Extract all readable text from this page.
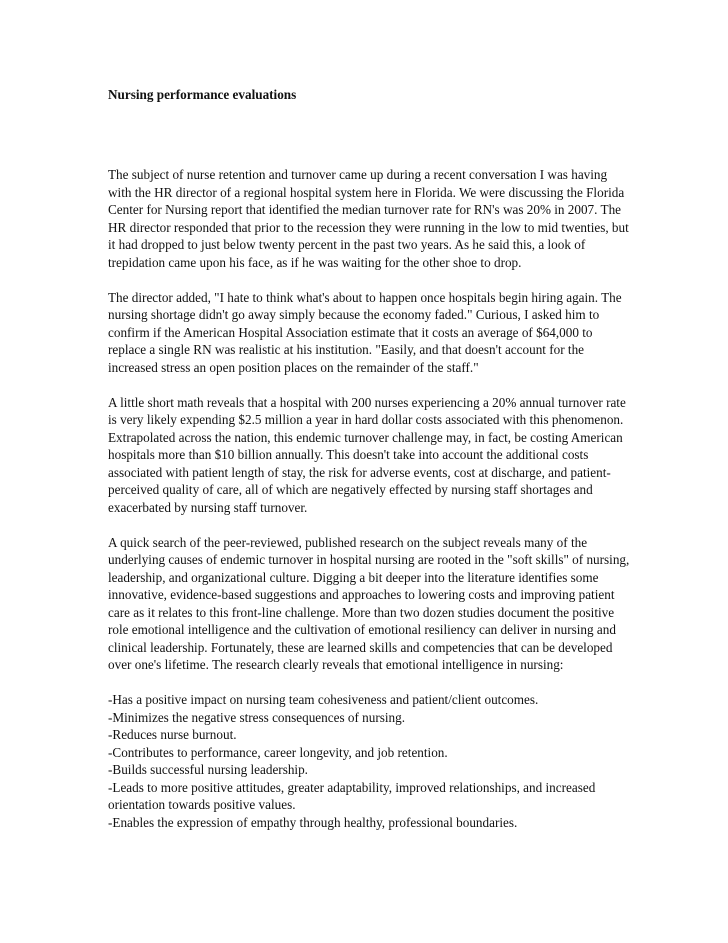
Nursing performance evaluations

The subject of nurse retention and turnover came up during a recent conversation I was having with the HR director of a regional hospital system here in Florida. We were discussing the Florida Center for Nursing report that identified the median turnover rate for RN's was 20% in 2007. The HR director responded that prior to the recession they were running in the low to mid twenties, but it had dropped to just below twenty percent in the past two years. As he said this, a look of trepidation came upon his face, as if he was waiting for the other shoe to drop.

The director added, "I hate to think what's about to happen once hospitals begin hiring again. The nursing shortage didn't go away simply because the economy faded." Curious, I asked him to confirm if the American Hospital Association estimate that it costs an average of $64,000 to replace a single RN was realistic at his institution. "Easily, and that doesn't account for the increased stress an open position places on the remainder of the staff."

A little short math reveals that a hospital with 200 nurses experiencing a 20% annual turnover rate is very likely expending $2.5 million a year in hard dollar costs associated with this phenomenon. Extrapolated across the nation, this endemic turnover challenge may, in fact, be costing American hospitals more than $10 billion annually. This doesn't take into account the additional costs associated with patient length of stay, the risk for adverse events, cost at discharge, and patient-perceived quality of care, all of which are negatively effected by nursing staff shortages and exacerbated by nursing staff turnover.

A quick search of the peer-reviewed, published research on the subject reveals many of the underlying causes of endemic turnover in hospital nursing are rooted in the "soft skills" of nursing, leadership, and organizational culture. Digging a bit deeper into the literature identifies some innovative, evidence-based suggestions and approaches to lowering costs and improving patient care as it relates to this front-line challenge. More than two dozen studies document the positive role emotional intelligence and the cultivation of emotional resiliency can deliver in nursing and clinical leadership. Fortunately, these are learned skills and competencies that can be developed over one's lifetime. The research clearly reveals that emotional intelligence in nursing:

-Has a positive impact on nursing team cohesiveness and patient/client outcomes.
-Minimizes the negative stress consequences of nursing.
-Reduces nurse burnout.
-Contributes to performance, career longevity, and job retention.
-Builds successful nursing leadership.
-Leads to more positive attitudes, greater adaptability, improved relationships, and increased orientation towards positive values.
-Enables the expression of empathy through healthy, professional boundaries.
